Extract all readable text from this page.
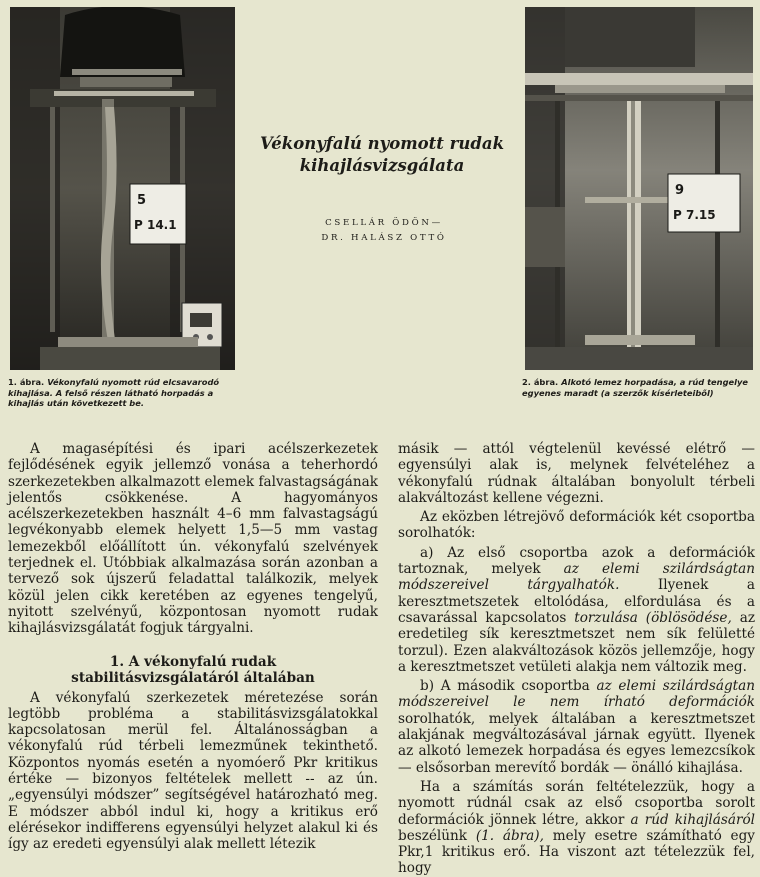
5
P 14.1

1. ábra. Vékonyfalú nyomott rúd elcsavarodó kihajlása. A felső részen látható horpadás a kihajlás után következett be.

9
P 7.15

2. ábra. Alkotó lemez horpadása, a rúd tengelye egyenes maradt (a szerzők kísérleteiből)

Vékonyfalú nyomott rudak
kihajlásvizsgálata
CSELLÁR ÖDÖN—
DR. HALÁSZ OTTÓ

A magasépítési és ipari acélszerkezetek fejlődésének egyik jellemző vonása a teherhordó szerkezetekben alkalmazott elemek falvastagságának jelentős csökkenése. A hagyományos acélszerkezetekben használt 4–6 mm falvastagságú legvékonyabb elemek helyett 1,5—5 mm vastag lemezekből előállított ún. vékonyfalú szelvények terjednek el. Utóbbiak alkalmazása során azonban a tervező sok újszerű feladattal találkozik, melyek közül jelen cikk keretében az egyenes tengelyű, nyitott szelvényű, központosan nyomott rudak kihajlásvizsgálatát fogjuk tárgyalni.

1. A vékonyfalú rudak
stabilitásvizsgálatáról általában

A vékonyfalú szerkezetek méretezése során legtöbb probléma a stabilitásvizsgálatokkal kapcsolatosan merül fel. Általánosságban a vékonyfalú rúd térbeli lemezműnek tekinthető. Központos nyomás esetén a nyomóerő Pkr kritikus értéke — bizonyos feltételek mellett -- az ún. „egyensúlyi módszer” segítségével határozható meg. E módszer abból indul ki, hogy a kritikus erő elérésekor indifferens egyensúlyi helyzet alakul ki és így az eredeti egyensúlyi alak mellett létezik

másik — attól végtelenül kevéssé elétrő — egyensúlyi alak is, melynek felvételéhez a vékonyfalú rúdnak általában bonyolult térbeli alakváltozást kellene végezni.

Az eközben létrejövő deformációk két csoportba sorolhatók:

a) Az első csoportba azok a deformációk tartoznak, melyek az elemi szilárdságtan módszereivel tárgyalhatók. Ilyenek a keresztmetszetek eltolódása, elfordulása és a csavarással kapcsolatos torzulása (öblösödése, az eredetileg sík keresztmetszet nem sík felületté torzul). Ezen alakváltozások közös jellemzője, hogy a keresztmetszet vetületi alakja nem változik meg.

b) A második csoportba az elemi szilárdságtan módszereivel le nem írható deformációk sorolhatók, melyek általában a keresztmetszet alakjának megváltozásával járnak együtt. Ilyenek az alkotó lemezek horpadása és egyes lemezcsíkok — elsősorban merevítő bordák — önálló kihajlása.

Ha a számítás során feltételezzük, hogy a nyomott rúdnál csak az első csoportba sorolt deformációk jönnek létre, akkor a rúd kihajlásáról beszélünk (1. ábra), mely esetre számítható egy Pkr,1 kritikus erő. Ha viszont azt tételezzük fel, hogy
